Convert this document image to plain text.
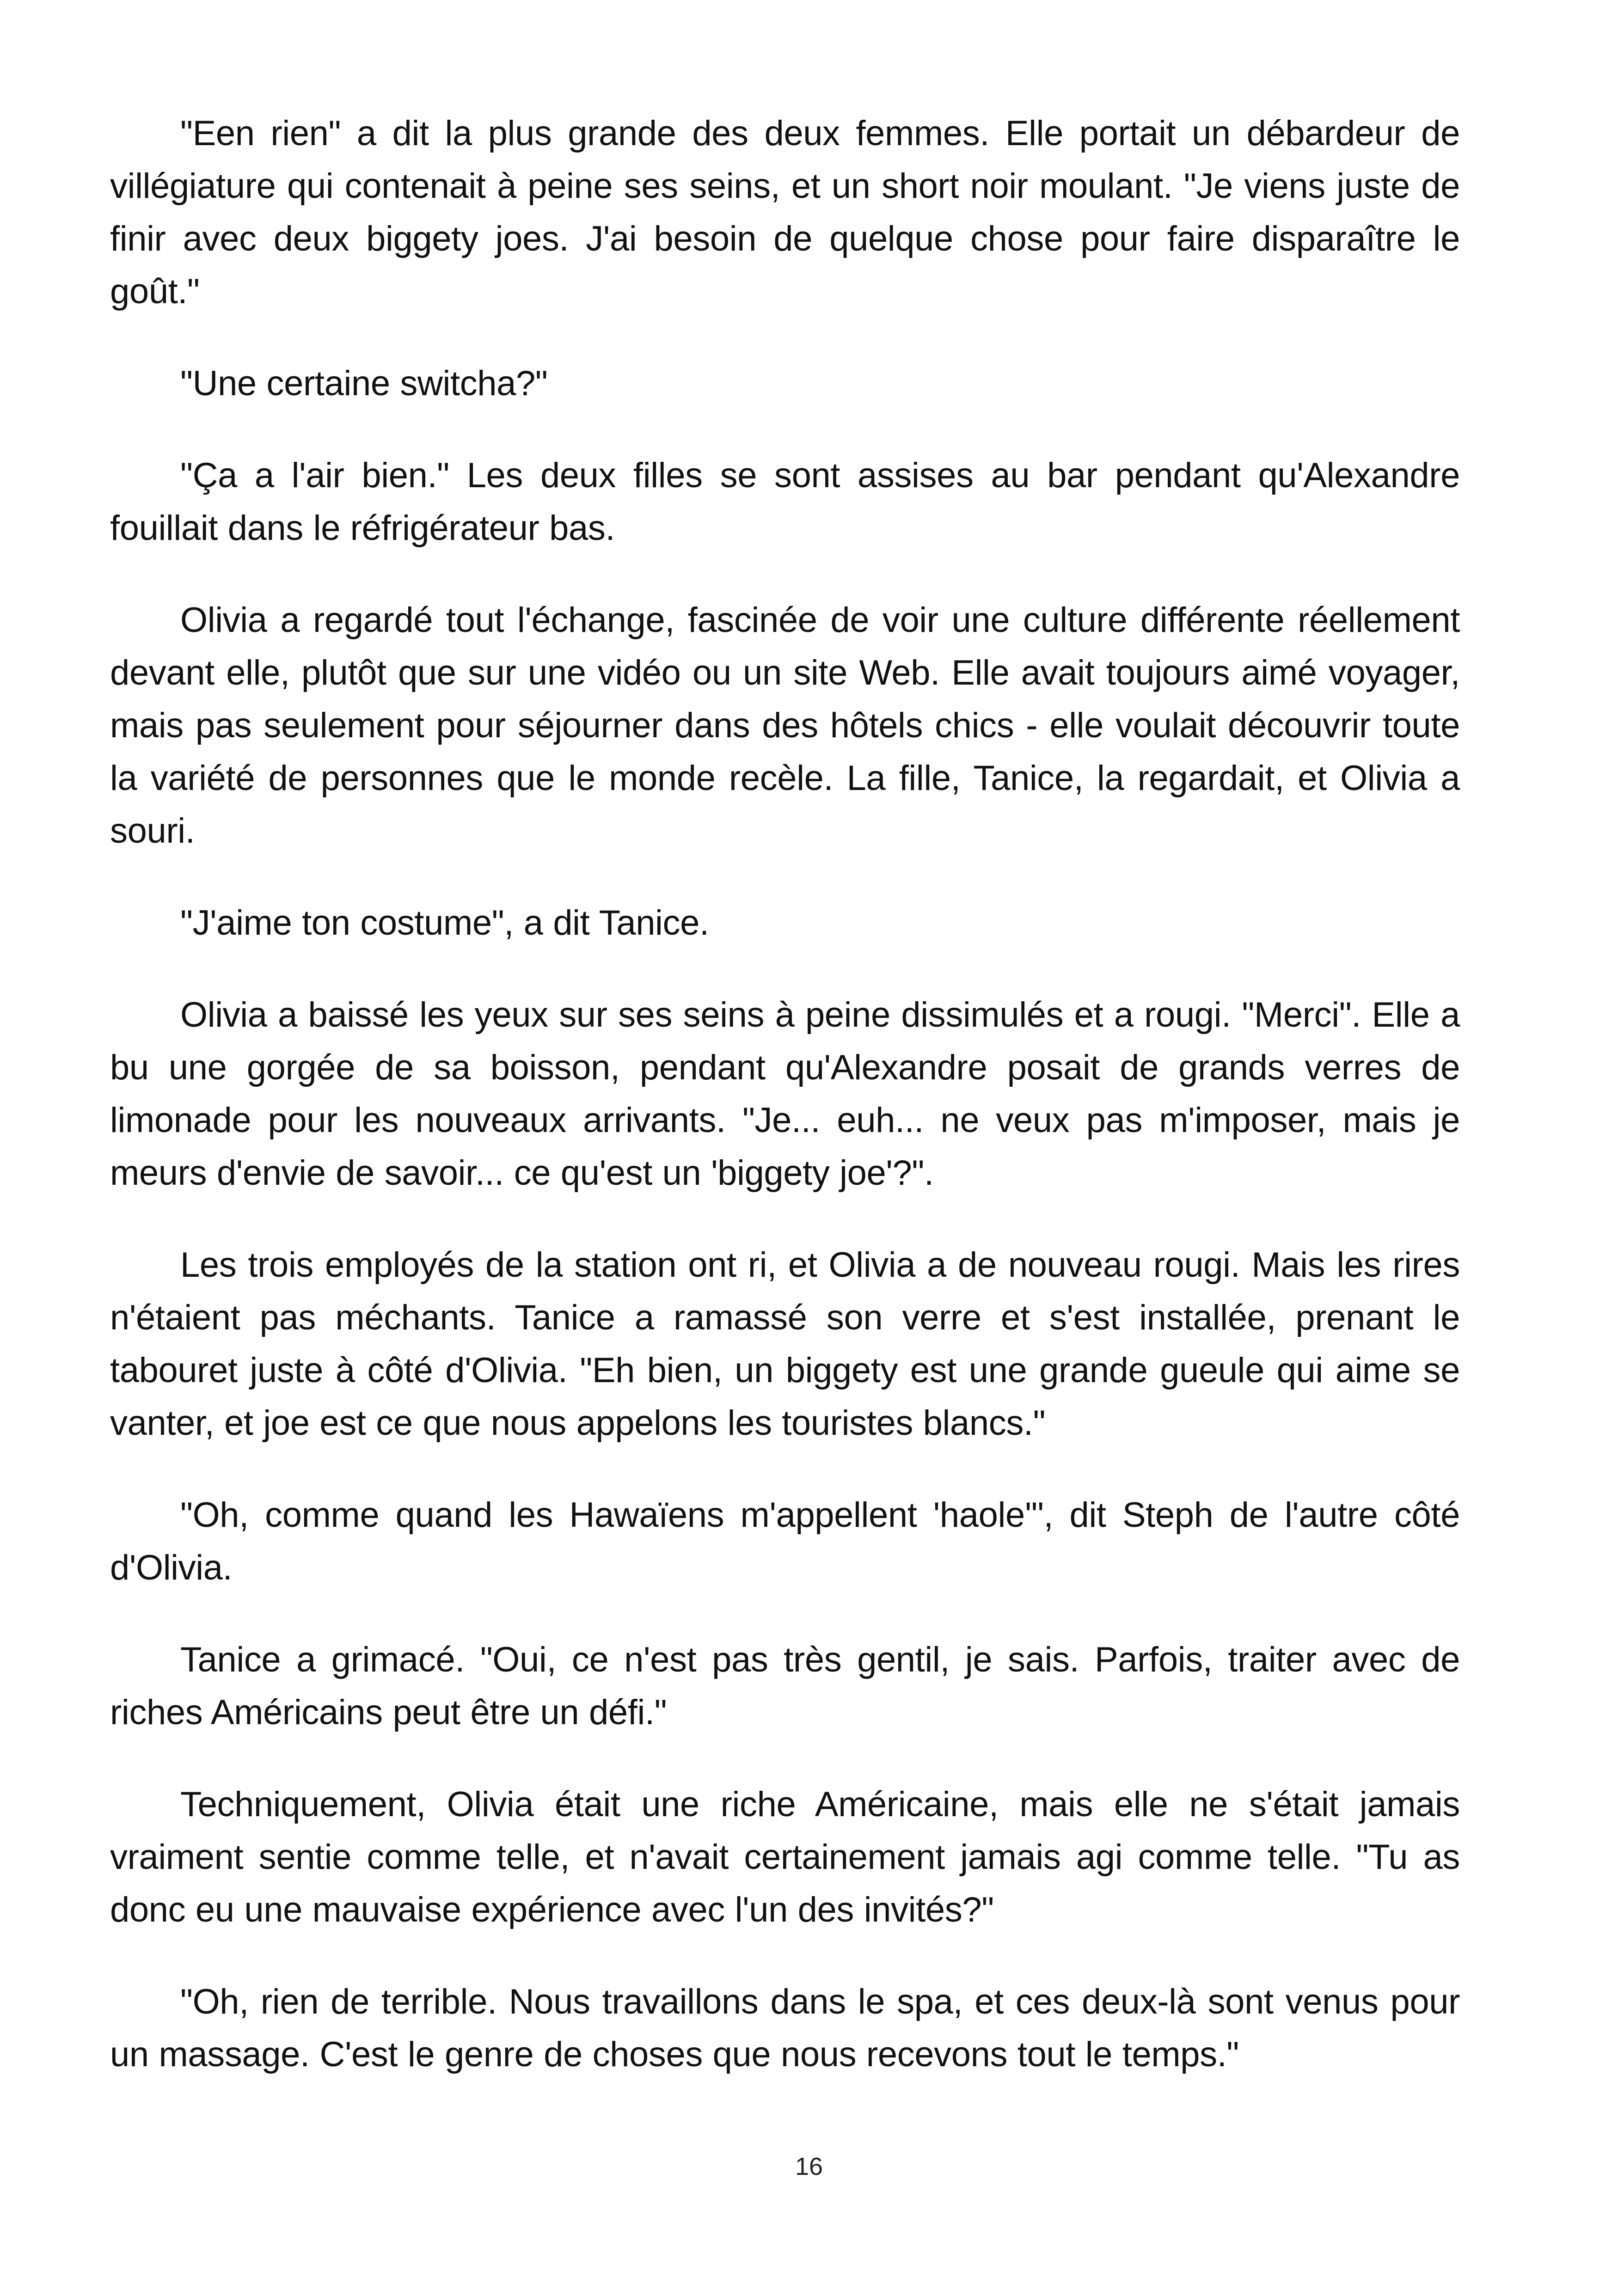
"Een rien" a dit la plus grande des deux femmes. Elle portait un débardeur de villégiature qui contenait à peine ses seins, et un short noir moulant. "Je viens juste de finir avec deux biggety joes. J'ai besoin de quelque chose pour faire disparaître le goût."

"Une certaine switcha?"

"Ça a l'air bien." Les deux filles se sont assises au bar pendant qu'Alexandre fouillait dans le réfrigérateur bas.

Olivia a regardé tout l'échange, fascinée de voir une culture différente réellement devant elle, plutôt que sur une vidéo ou un site Web. Elle avait toujours aimé voyager, mais pas seulement pour séjourner dans des hôtels chics - elle voulait découvrir toute la variété de personnes que le monde recèle. La fille, Tanice, la regardait, et Olivia a souri.

"J'aime ton costume", a dit Tanice.

Olivia a baissé les yeux sur ses seins à peine dissimulés et a rougi. "Merci". Elle a bu une gorgée de sa boisson, pendant qu'Alexandre posait de grands verres de limonade pour les nouveaux arrivants. "Je... euh... ne veux pas m'imposer, mais je meurs d'envie de savoir... ce qu'est un 'biggety joe'?".

Les trois employés de la station ont ri, et Olivia a de nouveau rougi. Mais les rires n'étaient pas méchants. Tanice a ramassé son verre et s'est installée, prenant le tabouret juste à côté d'Olivia. "Eh bien, un biggety est une grande gueule qui aime se vanter, et joe est ce que nous appelons les touristes blancs."

"Oh, comme quand les Hawaïens m'appellent 'haole'", dit Steph de l'autre côté d'Olivia.

Tanice a grimacé. "Oui, ce n'est pas très gentil, je sais. Parfois, traiter avec de riches Américains peut être un défi."

Techniquement, Olivia était une riche Américaine, mais elle ne s'était jamais vraiment sentie comme telle, et n'avait certainement jamais agi comme telle. "Tu as donc eu une mauvaise expérience avec l'un des invités?"

"Oh, rien de terrible. Nous travaillons dans le spa, et ces deux-là sont venus pour un massage. C'est le genre de choses que nous recevons tout le temps."

16
